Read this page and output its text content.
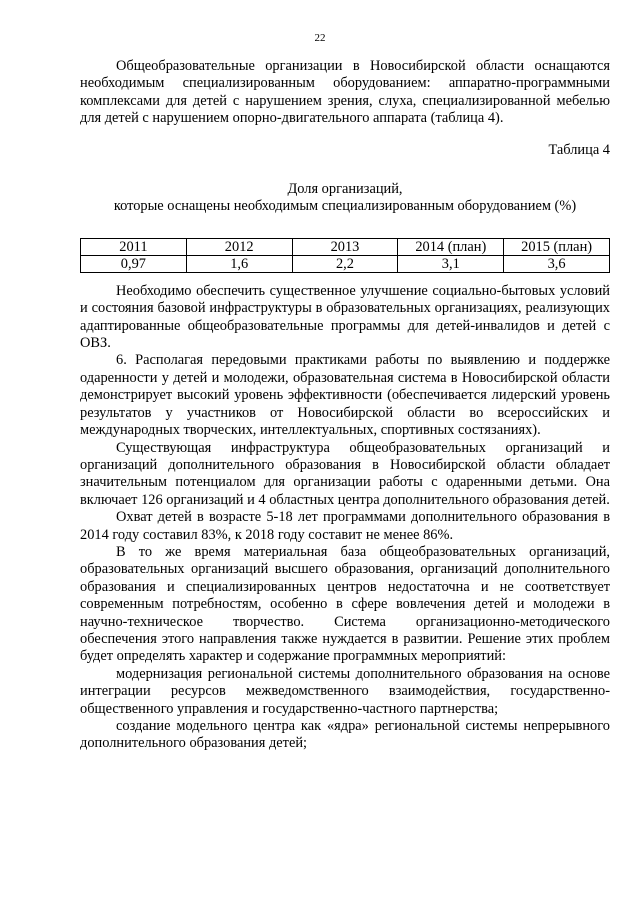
22

Общеобразовательные организации в Новосибирской области оснащаются необходимым специализированным оборудованием: аппаратно-программными комплексами для детей с нарушением зрения, слуха, специализированной мебелью для детей с нарушением опорно-двигательного аппарата (таблица 4).

Таблица 4

Доля организаций,
которые оснащены необходимым специализированным оборудованием (%)
2011	2012	2013	2014 (план)	2015 (план)
0,97	1,6	2,2	3,1	3,6

Необходимо обеспечить существенное улучшение социально-бытовых условий и состояния базовой инфраструктуры в образовательных организациях, реализующих адаптированные общеобразовательные программы для детей-инвалидов и детей с ОВЗ.

6. Располагая передовыми практиками работы по выявлению и поддержке одаренности у детей и молодежи, образовательная система в Новосибирской области демонстрирует высокий уровень эффективности (обеспечивается лидерский уровень результатов у участников от Новосибирской области во всероссийских и международных творческих, интеллектуальных, спортивных состязаниях).

Существующая инфраструктура общеобразовательных организаций и организаций дополнительного образования в Новосибирской области обладает значительным потенциалом для организации работы с одаренными детьми. Она включает 126 организаций и 4 областных центра дополнительного образования детей.

Охват детей в возрасте 5-18 лет программами дополнительного образования в 2014 году составил 83%, к 2018 году составит не менее 86%.

В то же время материальная база общеобразовательных организаций, образовательных организаций высшего образования, организаций дополнительного образования и специализированных центров недостаточна и не соответствует современным потребностям, особенно в сфере вовлечения детей и молодежи в научно-техническое творчество. Система организационно-методического обеспечения этого направления также нуждается в развитии. Решение этих проблем будет определять характер и содержание программных мероприятий:

модернизация региональной системы дополнительного образования на основе интеграции ресурсов межведомственного взаимодействия, государственно-общественного управления и государственно-частного партнерства;

создание модельного центра как «ядра» региональной системы непрерывного дополнительного образования детей;
